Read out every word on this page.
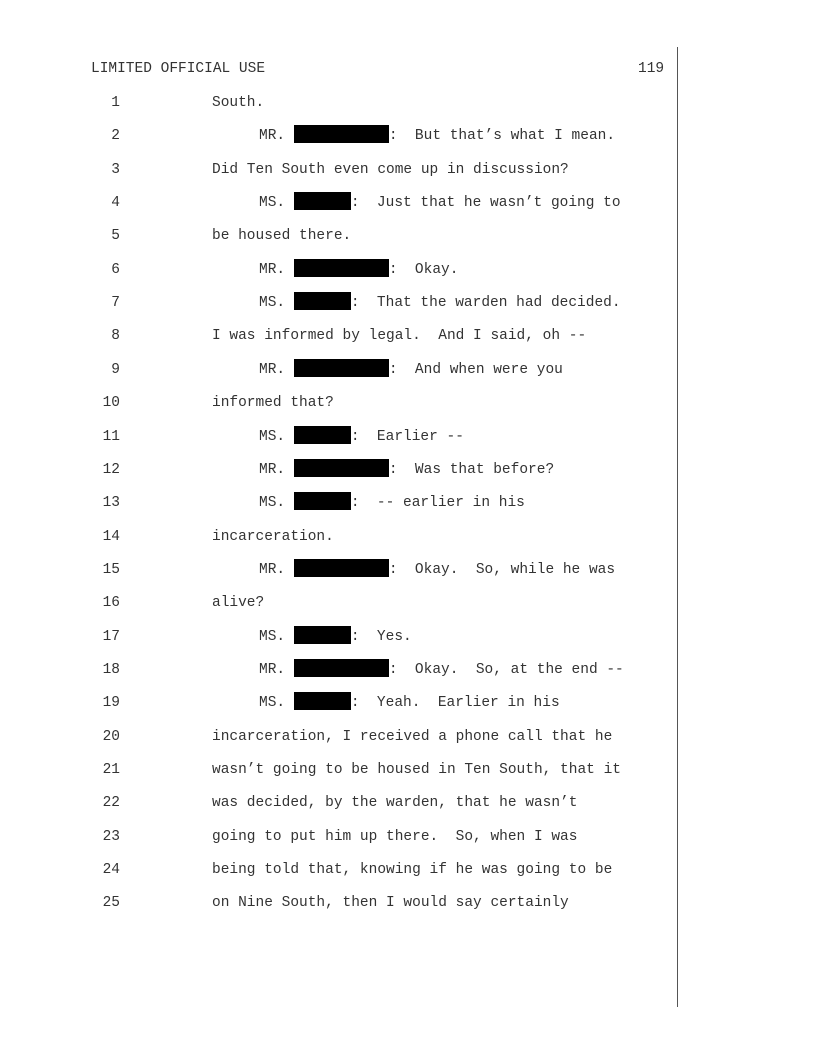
LIMITED OFFICIAL USE	119
1	South.
2	MR.	:  But that’s what I mean.
3	Did Ten South even come up in discussion?
4	MS.	:  Just that he wasn’t going to
5	be housed there.
6	MR.	:  Okay.
7	MS.	:  That the warden had decided.
8	I was informed by legal.  And I said, oh --
9	MR.	:  And when were you
10	informed that?
11	MS.	:  Earlier --
12	MR.	:  Was that before?
13	MS.	:  -- earlier in his
14	incarceration.
15	MR.	:  Okay.  So, while he was
16	alive?
17	MS.	:  Yes.
18	MR.	:  Okay.  So, at the end --
19	MS.	:  Yeah.  Earlier in his
20	incarceration, I received a phone call that he
21	wasn’t going to be housed in Ten South, that it
22	was decided, by the warden, that he wasn’t
23	going to put him up there.  So, when I was
24	being told that, knowing if he was going to be
25	on Nine South, then I would say certainly
